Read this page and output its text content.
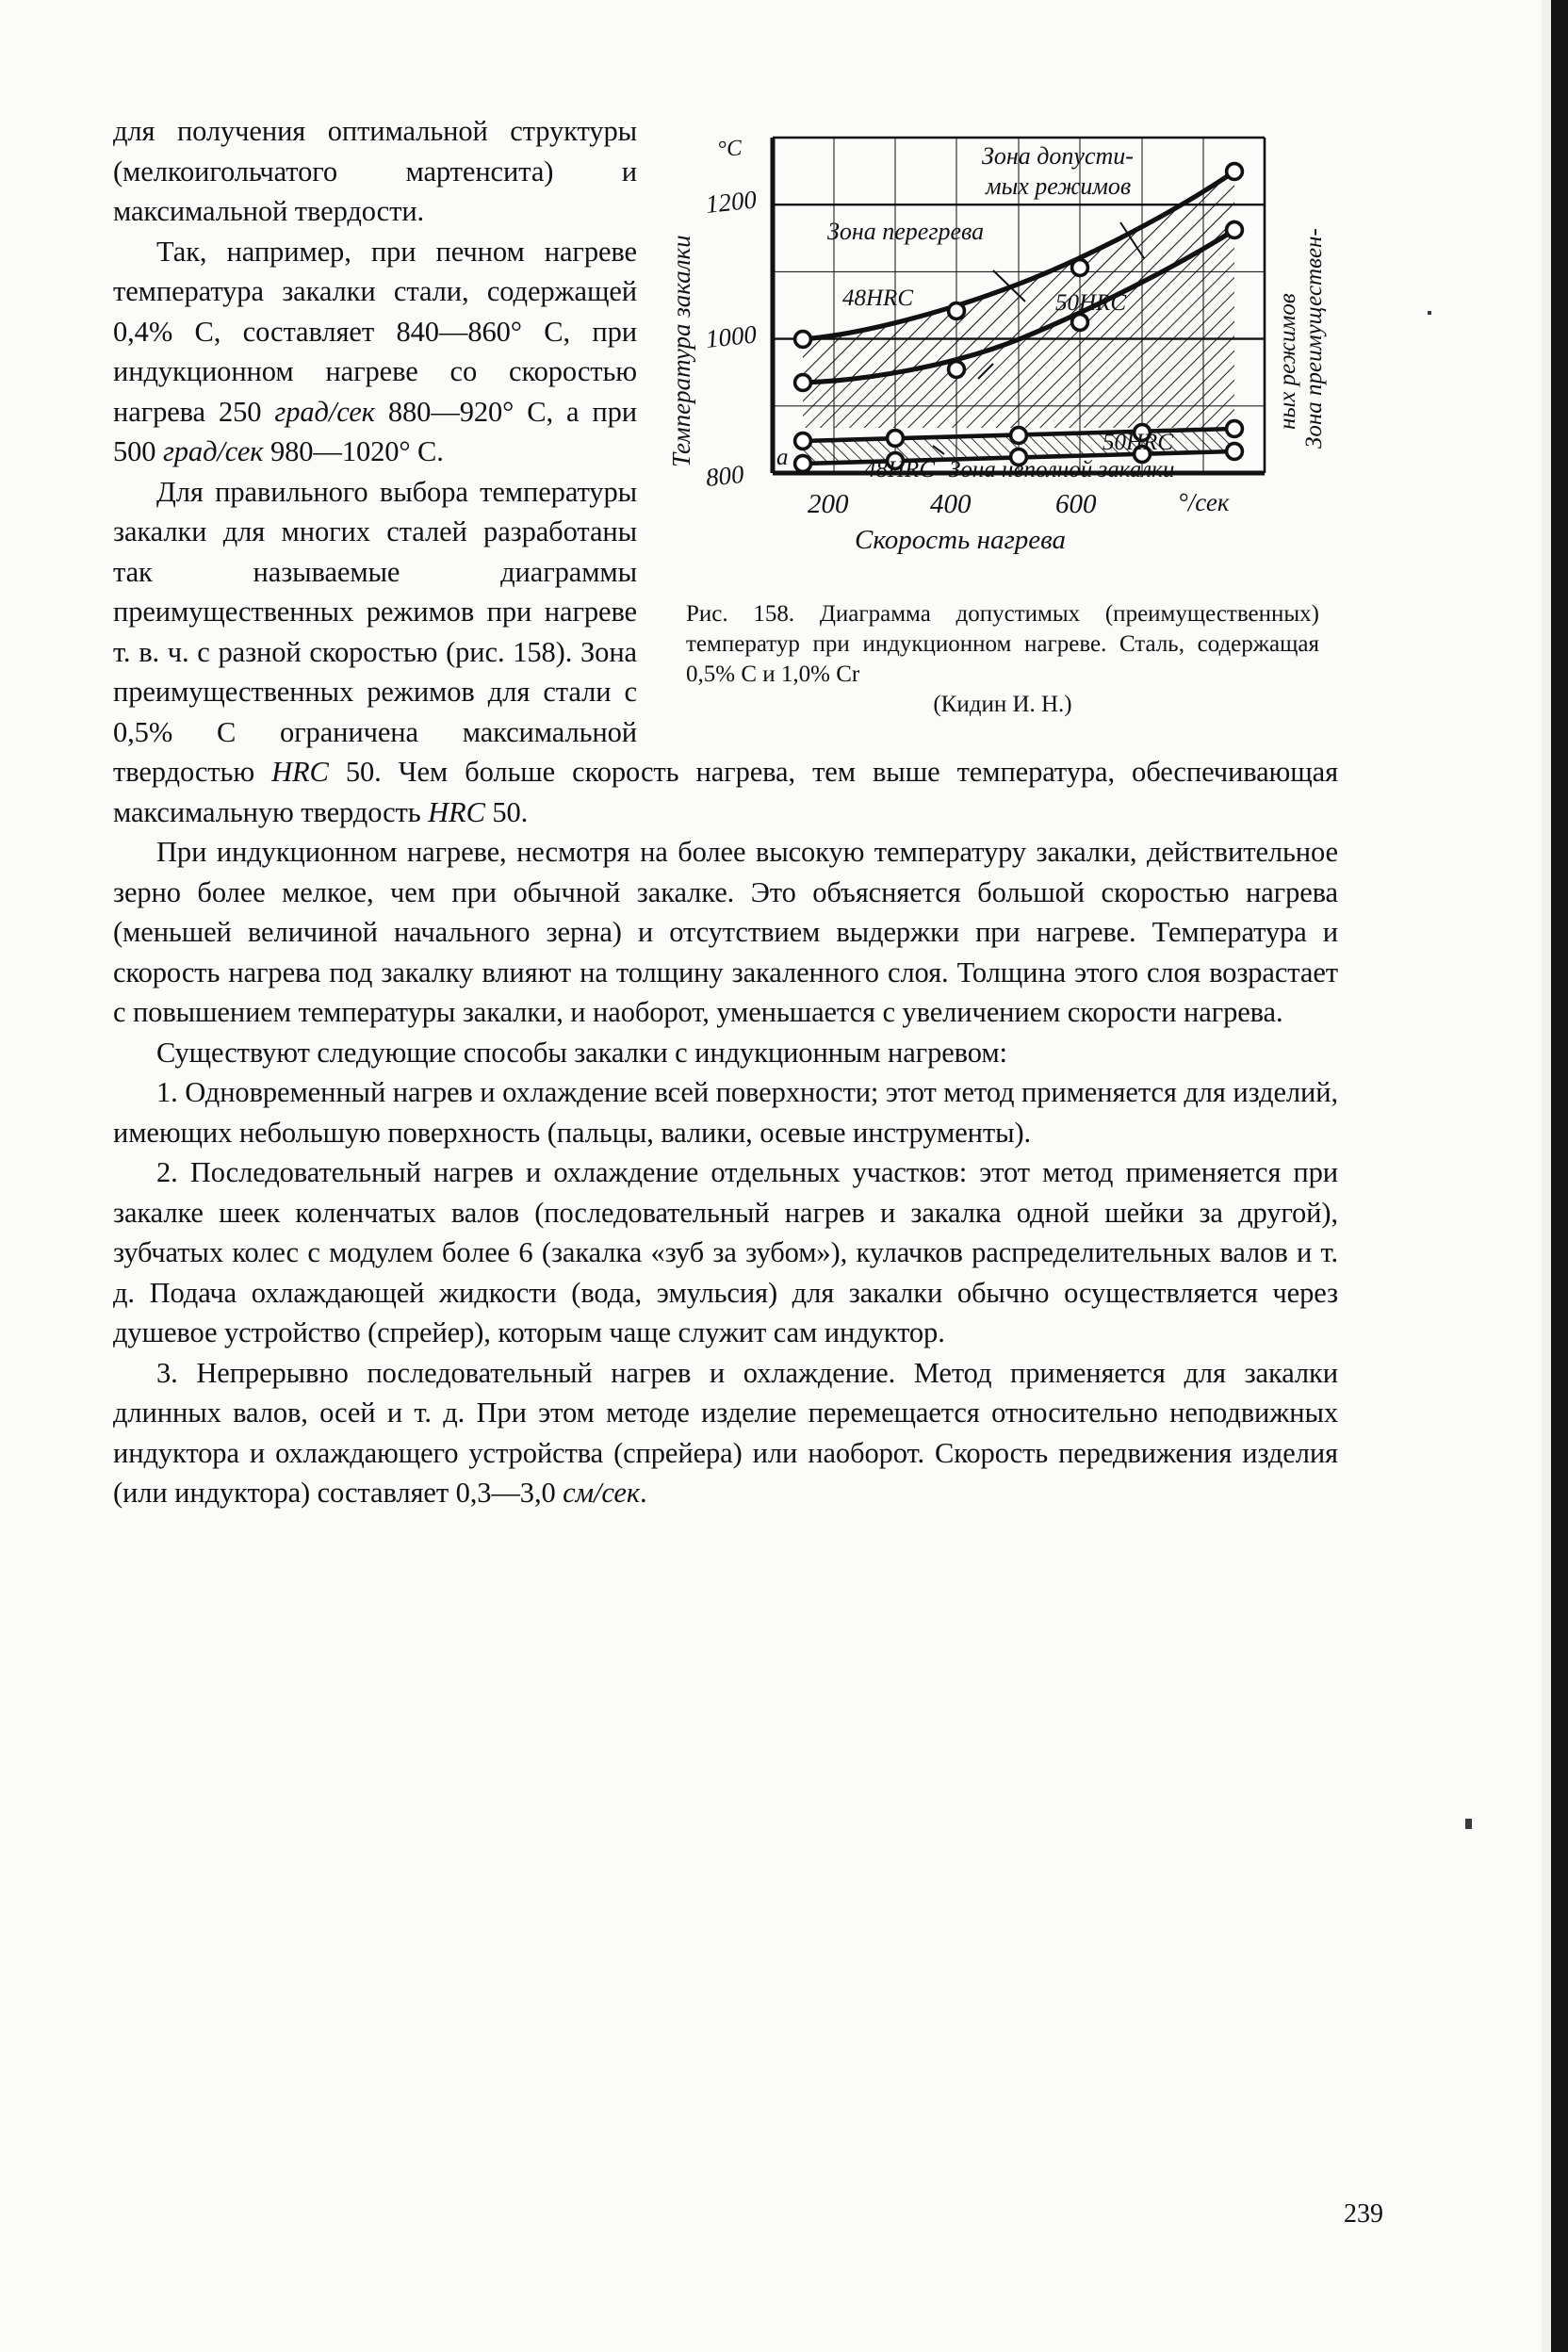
°C
1200
1000
800
a
Температура закалки
200	400	600	°/сек
Скорость нагрева
Зона допусти-
мых режимов
Зона перегрева
48HRC	50HRC
50HRC
48HRC Зона неполной закалки
Зона преимуществен-
ных режимов
Рис. 158. Диаграмма допустимых (преимущественных) температур при индукционном нагреве. Сталь, содержащая 0,5% С и 1,0% Cr
(Кидин И. Н.)

для получения оптимальной структуры (мелкоигольчатого мартенсита) и максимальной твердости.

Так, например, при печном нагреве температура закалки стали, содержащей 0,4% С, составляет 840—860° С, при индукционном нагреве со скоростью нагрева 250 град/сек 880—920° С, а при 500 град/сек 980—1020° С.

Для правильного выбора температуры закалки для многих сталей разработаны так называемые диаграммы преимущественных режимов при нагреве т. в. ч. с разной скоростью (рис. 158). Зона преимущественных режимов для стали с 0,5% С ограничена максимальной твердостью HRC 50. Чем больше скорость нагрева, тем выше температура, обеспечивающая максимальную твердость HRC 50.

При индукционном нагреве, несмотря на более высокую температуру закалки, действительное зерно более мелкое, чем при обычной закалке. Это объясняется большой скоростью нагрева (меньшей величиной начального зерна) и отсутствием выдержки при нагреве. Температура и скорость нагрева под закалку влияют на толщину закаленного слоя. Толщина этого слоя возрастает с повышением температуры закалки, и наоборот, уменьшается с увеличением скорости нагрева.

Существуют следующие способы закалки с индукционным нагревом:

1. Одновременный нагрев и охлаждение всей поверхности; этот метод применяется для изделий, имеющих небольшую поверхность (пальцы, валики, осевые инструменты).

2. Последовательный нагрев и охлаждение отдельных участков: этот метод применяется при закалке шеек коленчатых валов (последовательный нагрев и закалка одной шейки за другой), зубчатых колес с модулем более 6 (закалка «зуб за зубом»), кулачков распределительных валов и т. д. Подача охлаждающей жидкости (вода, эмульсия) для закалки обычно осуществляется через душевое устройство (спрейер), которым чаще служит сам индуктор.

3. Непрерывно последовательный нагрев и охлаждение. Метод применяется для закалки длинных валов, осей и т. д. При этом методе изделие перемещается относительно неподвижных индуктора и охлаждающего устройства (спрейера) или наоборот. Скорость передвижения изделия (или индуктора) составляет 0,3—3,0 см/сек.

239
